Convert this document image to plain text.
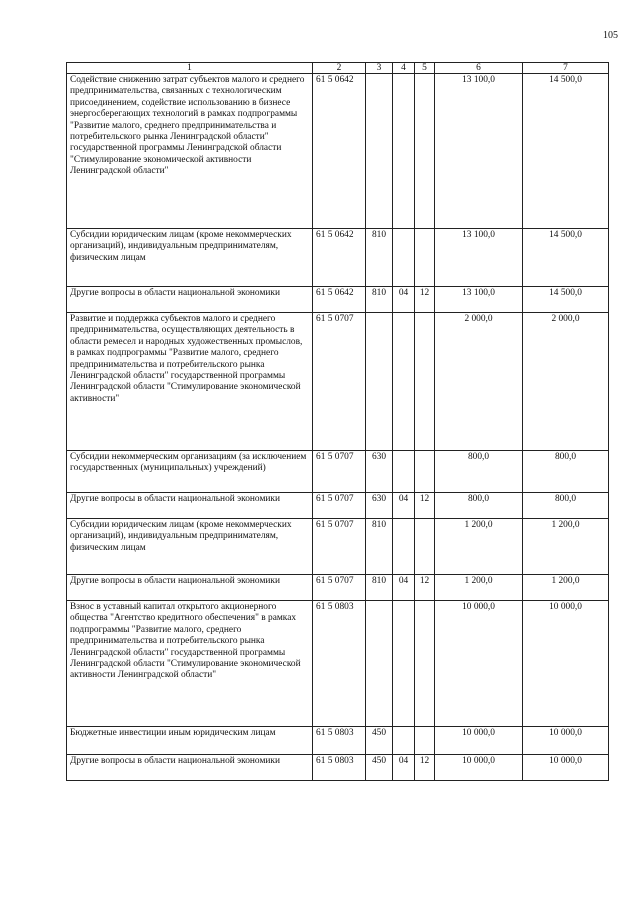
105
1	2	3	4	5	6	7
Содействие снижению затрат субъектов малого и среднего предпринимательства, связанных с технологическим присоединением, содействие использованию в бизнесе энергосберегающих технологий в рамках подпрограммы "Развитие малого, среднего предпринимательства и потребительского рынка Ленинградской области" государственной программы Ленинградской области "Стимулирование экономической активности Ленинградской области"	61 5 0642				13 100,0	14 500,0
Субсидии юридическим лицам (кроме некоммерческих организаций), индивидуальным предпринимателям, физическим лицам	61 5 0642	810			13 100,0	14 500,0
Другие вопросы в области национальной экономики	61 5 0642	810	04	12	13 100,0	14 500,0
Развитие и поддержка субъектов малого и среднего предпринимательства, осуществляющих деятельность в области ремесел и народных художественных промыслов, в рамках подпрограммы "Развитие малого, среднего предпринимательства и потребительского рынка Ленинградской области" государственной программы Ленинградской области "Стимулирование экономической активности"	61 5 0707				2 000,0	2 000,0
Субсидии некоммерческим организациям (за исключением государственных (муниципальных) учреждений)	61 5 0707	630			800,0	800,0
Другие вопросы в области национальной экономики	61 5 0707	630	04	12	800,0	800,0
Субсидии юридическим лицам (кроме некоммерческих организаций), индивидуальным предпринимателям, физическим лицам	61 5 0707	810			1 200,0	1 200,0
Другие вопросы в области национальной экономики	61 5 0707	810	04	12	1 200,0	1 200,0
Взнос в уставный капитал открытого акционерного общества "Агентство кредитного обеспечения" в рамках подпрограммы "Развитие малого, среднего предпринимательства и потребительского рынка Ленинградской области" государственной программы Ленинградской области "Стимулирование экономической активности Ленинградской области"	61 5 0803				10 000,0	10 000,0
Бюджетные инвестиции иным юридическим лицам	61 5 0803	450			10 000,0	10 000,0
Другие вопросы в области национальной экономики	61 5 0803	450	04	12	10 000,0	10 000,0
